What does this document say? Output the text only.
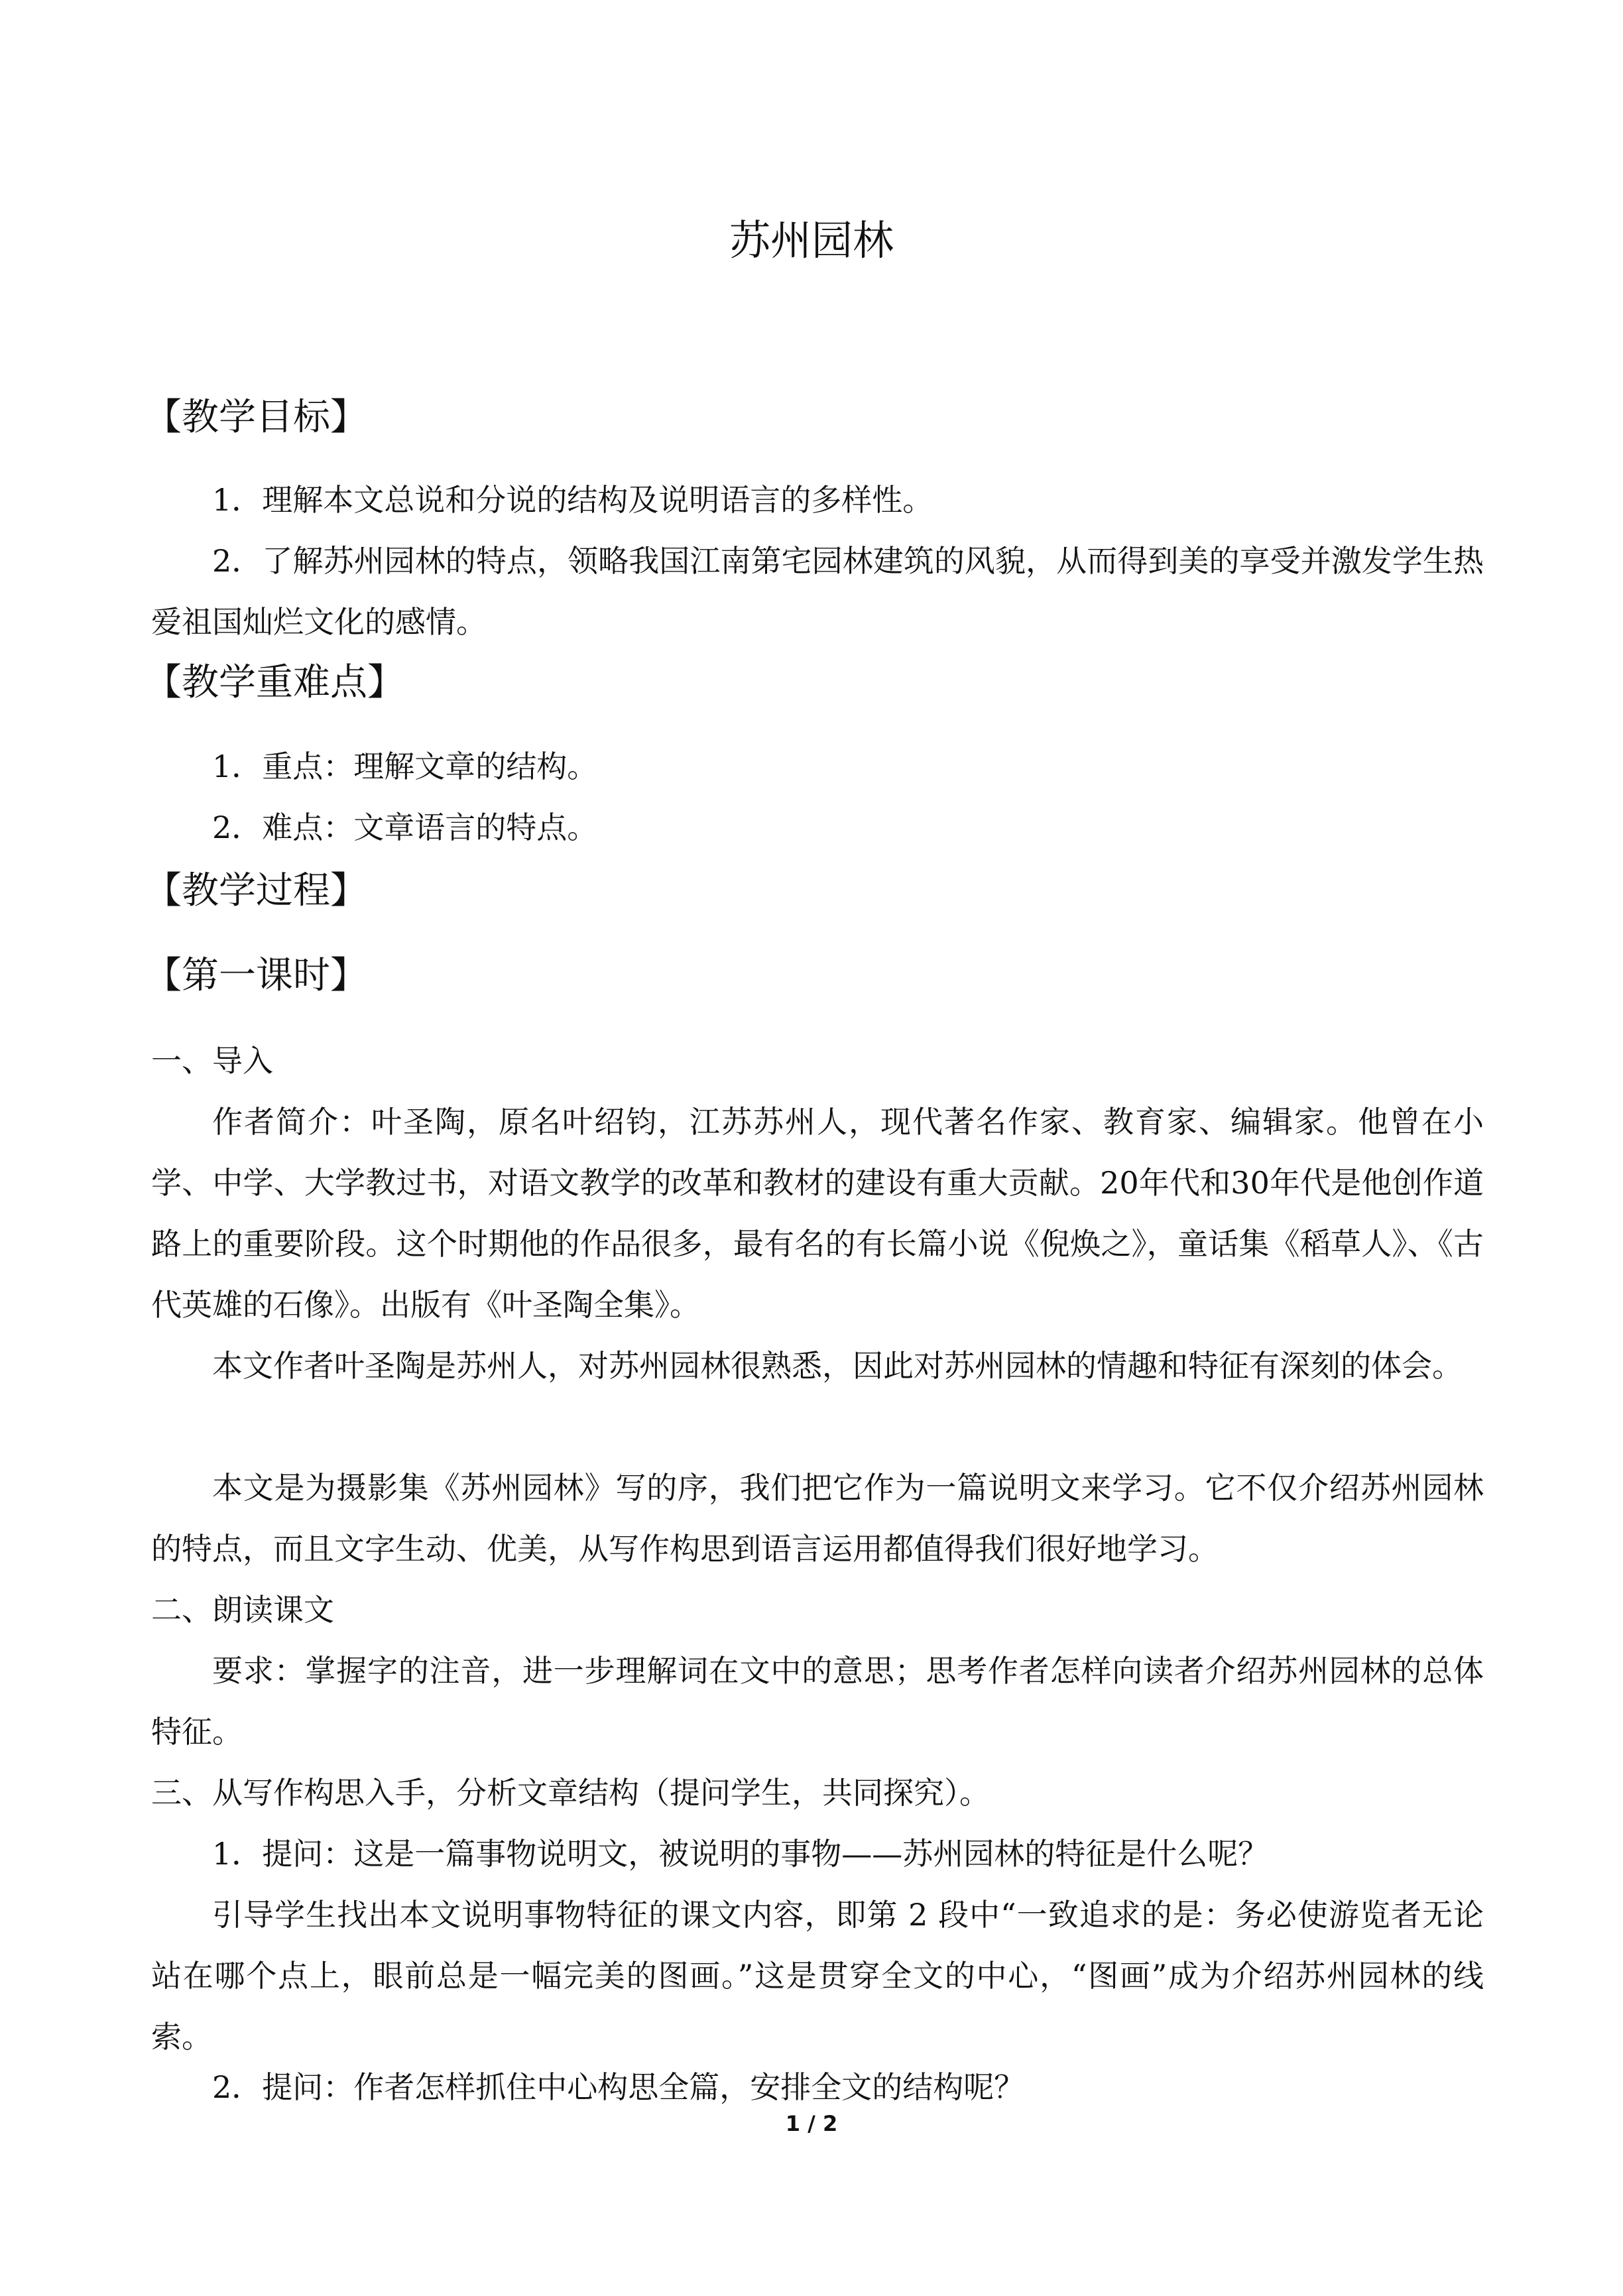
苏州园林
【教学目标】

1．理解本文总说和分说的结构及说明语言的多样性。

2．了解苏州园林的特点，领略我国江南第宅园林建筑的风貌，从而得到美的享受并激发学生热爱祖国灿烂文化的感情。

【教学重难点】

1．重点：理解文章的结构。

2．难点：文章语言的特点。

【教学过程】
【第一课时】

一、导入

作者简介：叶圣陶，原名叶绍钧，江苏苏州人，现代著名作家、教育家、编辑家。他曾在小学、中学、大学教过书，对语文教学的改革和教材的建设有重大贡献。20年代和30年代是他创作道路上的重要阶段。这个时期他的作品很多，最有名的有长篇小说《倪焕之》，童话集《稻草人》、《古代英雄的石像》。出版有《叶圣陶全集》。

本文作者叶圣陶是苏州人，对苏州园林很熟悉，因此对苏州园林的情趣和特征有深刻的体会。

本文是为摄影集《苏州园林》写的序，我们把它作为一篇说明文来学习。它不仅介绍苏州园林的特点，而且文字生动、优美，从写作构思到语言运用都值得我们很好地学习。

二、朗读课文

要求：掌握字的注音，进一步理解词在文中的意思；思考作者怎样向读者介绍苏州园林的总体特征。

三、从写作构思入手，分析文章结构（提问学生，共同探究）。

1．提问：这是一篇事物说明文，被说明的事物——苏州园林的特征是什么呢？

引导学生找出本文说明事物特征的课文内容，即第 2 段中“一致追求的是：务必使游览者无论站在哪个点上，眼前总是一幅完美的图画。”这是贯穿全文的中心，“图画”成为介绍苏州园林的线索。

2．提问：作者怎样抓住中心构思全篇，安排全文的结构呢？

1 / 2
